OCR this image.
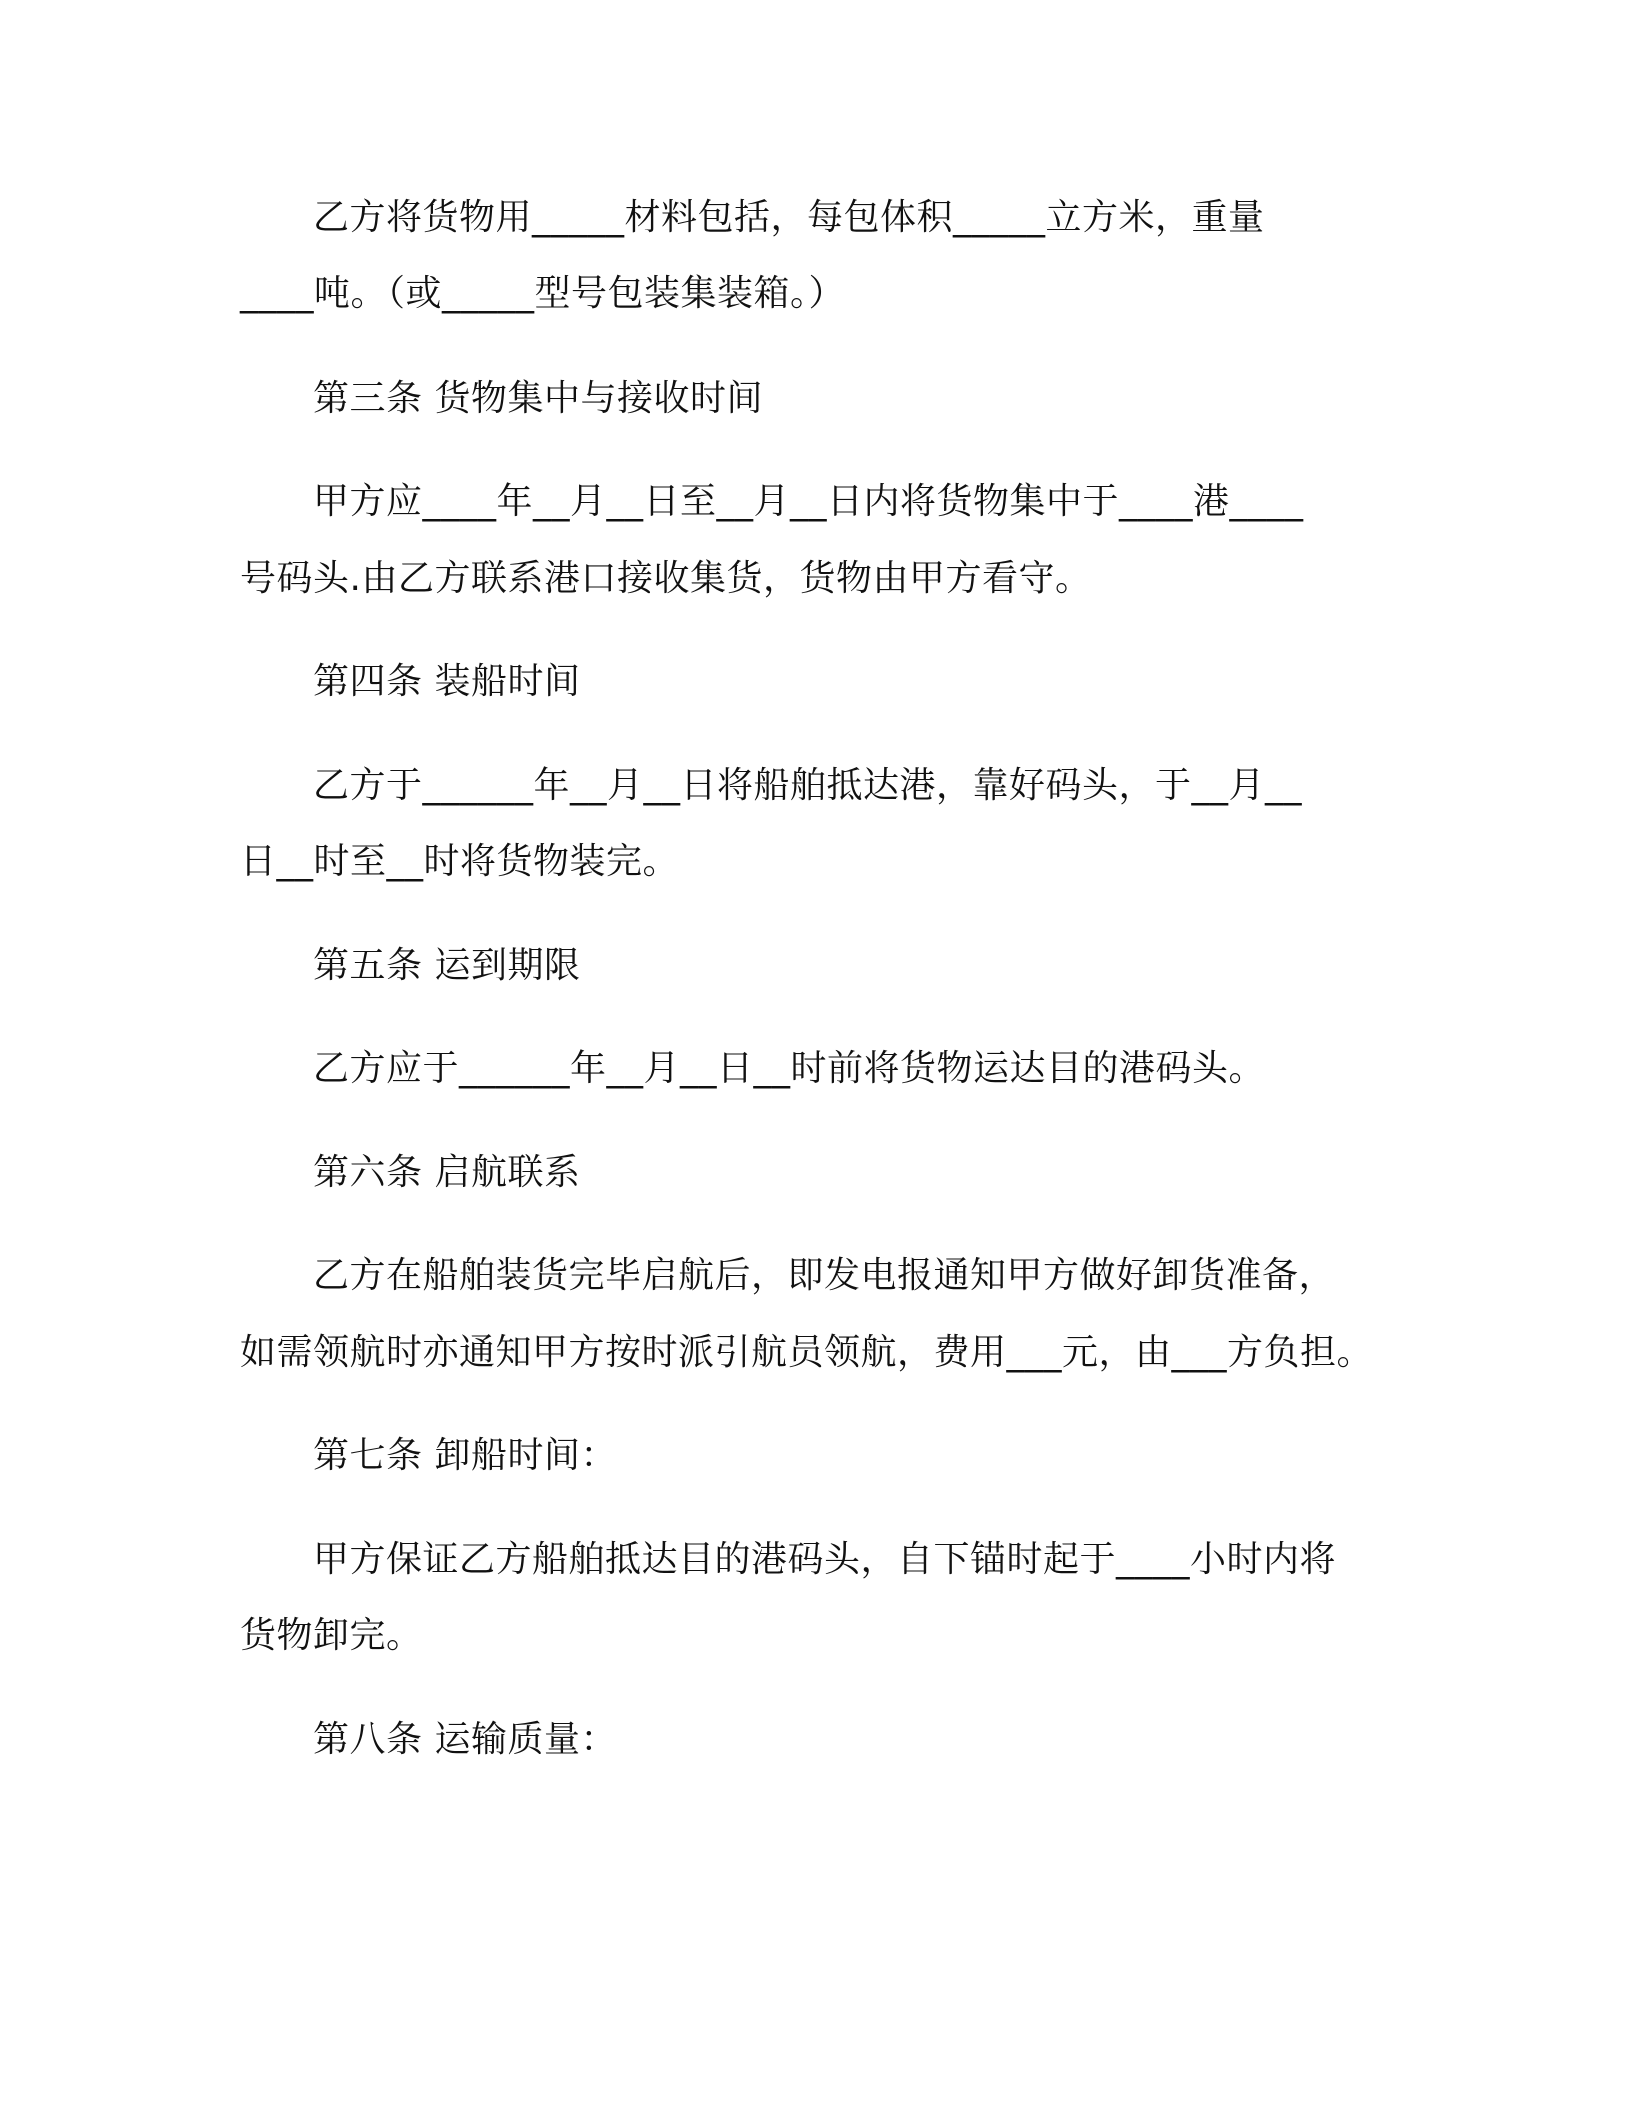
乙方将货物用_____材料包括，每包体积_____立方米，重量
____吨。（或_____型号包装集装箱。）
第三条 货物集中与接收时间
甲方应____年__月__日至__月__日内将货物集中于____港____
号码头.由乙方联系港口接收集货，货物由甲方看守。
第四条 装船时间
乙方于______年__月__日将船舶抵达港，靠好码头，于__月__
日__时至__时将货物装完。
第五条 运到期限
乙方应于______年__月__日__时前将货物运达目的港码头。
第六条 启航联系
乙方在船舶装货完毕启航后，即发电报通知甲方做好卸货准备，
如需领航时亦通知甲方按时派引航员领航，费用___元，由___方负担。
第七条 卸船时间：
甲方保证乙方船舶抵达目的港码头，自下锚时起于____小时内将
货物卸完。
第八条 运输质量：
